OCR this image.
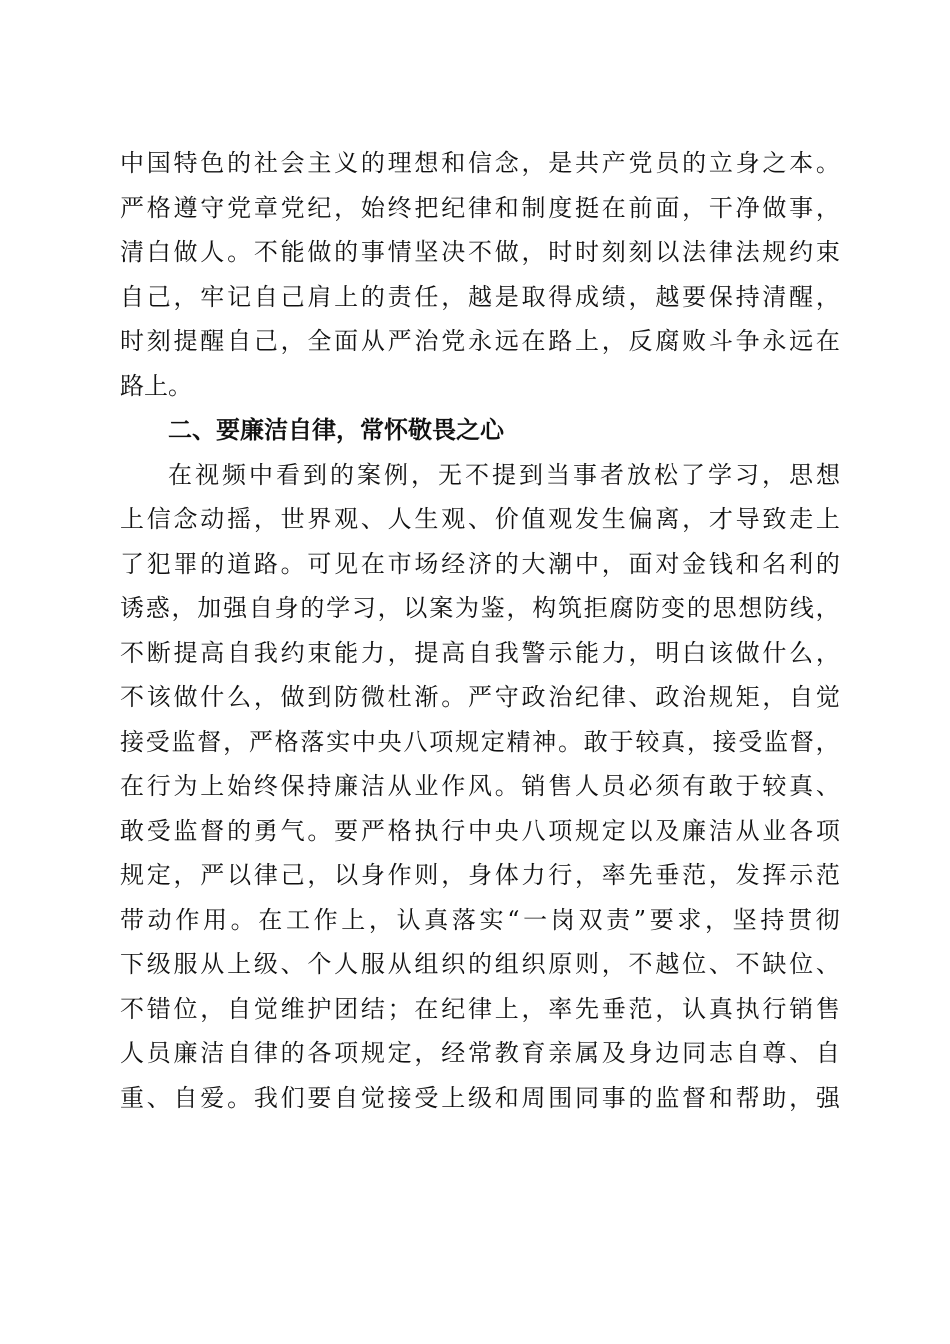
中 国 特 色 的 社 会 主 义 的 理 想 和 信 念 ， 是 共 产 党 员 的 立 身 之 本 。
严 格 遵 守 党 章 党 纪 ， 始 终 把 纪 律 和 制 度 挺 在 前 面 ， 干 净 做 事 ，
清 白 做 人 。 不 能 做 的 事 情 坚 决 不 做 ， 时 时 刻 刻 以 法 律 法 规 约 束
自 己 ， 牢 记 自 己 肩 上 的 责 任 ， 越 是 取 得 成 绩 ， 越 要 保 持 清 醒 ，
时 刻 提 醒 自 己 ， 全 面 从 严 治 党 永 远 在 路 上 ， 反 腐 败 斗 争 永 远 在
路上。
二、要廉洁自律，常怀敬畏之心
在 视 频 中 看 到 的 案 例 ， 无 不 提 到 当 事 者 放 松 了 学 习 ， 思 想
上 信 念 动 摇 ， 世 界 观 、 人 生 观 、 价 值 观 发 生 偏 离 ， 才 导 致 走 上
了 犯 罪 的 道 路 。 可 见 在 市 场 经 济 的 大 潮 中 ， 面 对 金 钱 和 名 利 的
诱 惑 ， 加 强 自 身 的 学 习 ， 以 案 为 鉴 ， 构 筑 拒 腐 防 变 的 思 想 防 线 ，
不 断 提 高 自 我 约 束 能 力 ， 提 高 自 我 警 示 能 力 ， 明 白 该 做 什 么 ，
不 该 做 什 么 ， 做 到 防 微 杜 渐 。 严 守 政 治 纪 律 、 政 治 规 矩 ， 自 觉
接 受 监 督 ， 严 格 落 实 中 央 八 项 规 定 精 神 。 敢 于 较 真 ， 接 受 监 督 ，
在 行 为 上 始 终 保 持 廉 洁 从 业 作 风 。 销 售 人 员 必 须 有 敢 于 较 真 、
敢 受 监 督 的 勇 气 。 要 严 格 执 行 中 央 八 项 规 定 以 及 廉 洁 从 业 各 项
规 定 ， 严 以 律 己 ， 以 身 作 则 ， 身 体 力 行 ， 率 先 垂 范 ， 发 挥 示 范
带 动 作 用 。 在 工 作 上 ， 认 真 落 实 “ 一 岗 双 责 ” 要 求 ， 坚 持 贯 彻
下 级 服 从 上 级 、 个 人 服 从 组 织 的 组 织 原 则 ， 不 越 位 、 不 缺 位 、
不 错 位 ， 自 觉 维 护 团 结 ； 在 纪 律 上 ， 率 先 垂 范 ， 认 真 执 行 销 售
人 员 廉 洁 自 律 的 各 项 规 定 ， 经 常 教 育 亲 属 及 身 边 同 志 自 尊 、 自
重 、 自 爱 。 我 们 要 自 觉 接 受 上 级 和 周 围 同 事 的 监 督 和 帮 助 ， 强
